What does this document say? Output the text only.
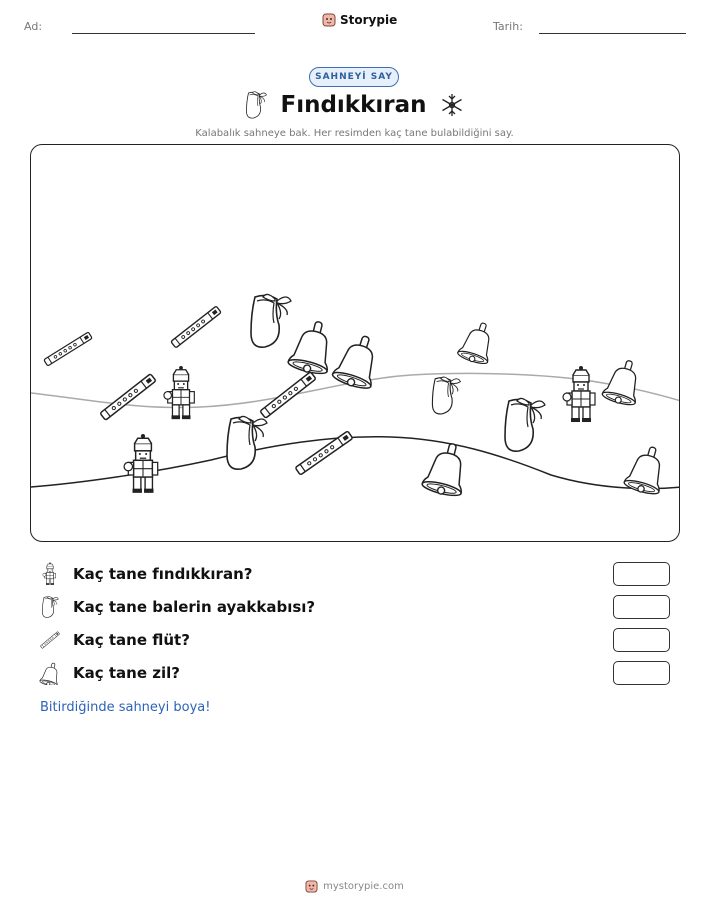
Ad:	Storypie	Tarih:
SAHNEYİ SAY
Fındıkkıran
Kalabalık sahneye bak. Her resimden kaç tane bulabildiğini say.
Kaç tane fındıkkıran?
Kaç tane balerin ayakkabısı?
Kaç tane flüt?
Kaç tane zil?
Bitirdiğinde sahneyi boya!
mystorypie.com
